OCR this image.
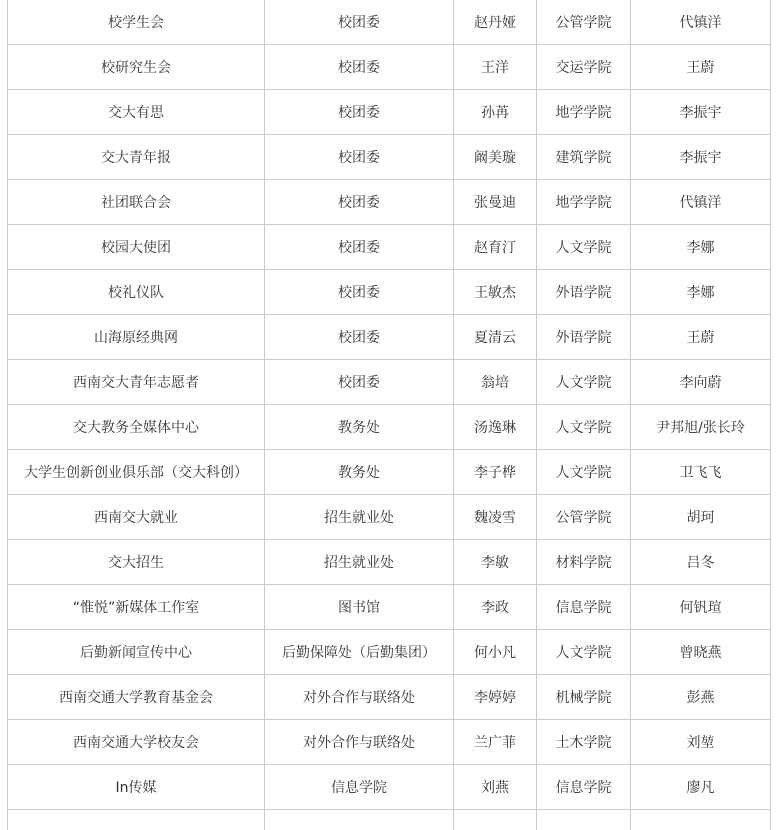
校学生会	校团委	赵丹娅	公管学院	代镇洋
校研究生会	校团委	王洋	交运学院	王蔚
交大有思	校团委	孙苒	地学学院	李振宇
交大青年报	校团委	阚美璇	建筑学院	李振宇
社团联合会	校团委	张曼迪	地学学院	代镇洋
校园大使团	校团委	赵育汀	人文学院	李娜
校礼仪队	校团委	王敏杰	外语学院	李娜
山海原经典网	校团委	夏清云	外语学院	王蔚
西南交大青年志愿者	校团委	翁培	人文学院	李向蔚
交大教务全媒体中心	教务处	汤逸琳	人文学院	尹邦旭/张长玲
大学生创新创业俱乐部（交大科创）	教务处	李子桦	人文学院	卫飞飞
西南交大就业	招生就业处	魏凌雪	公管学院	胡珂
交大招生	招生就业处	李敏	材料学院	吕冬
“惟悦”新媒体工作室	图书馆	李政	信息学院	何钒瑄
后勤新闻宣传中心	后勤保障处（后勤集团）	何小凡	人文学院	曾晓燕
西南交通大学教育基金会	对外合作与联络处	李婷婷	机械学院	彭燕
西南交通大学校友会	对外合作与联络处	兰广菲	土木学院	刘堃
In传媒	信息学院	刘燕	信息学院	廖凡
